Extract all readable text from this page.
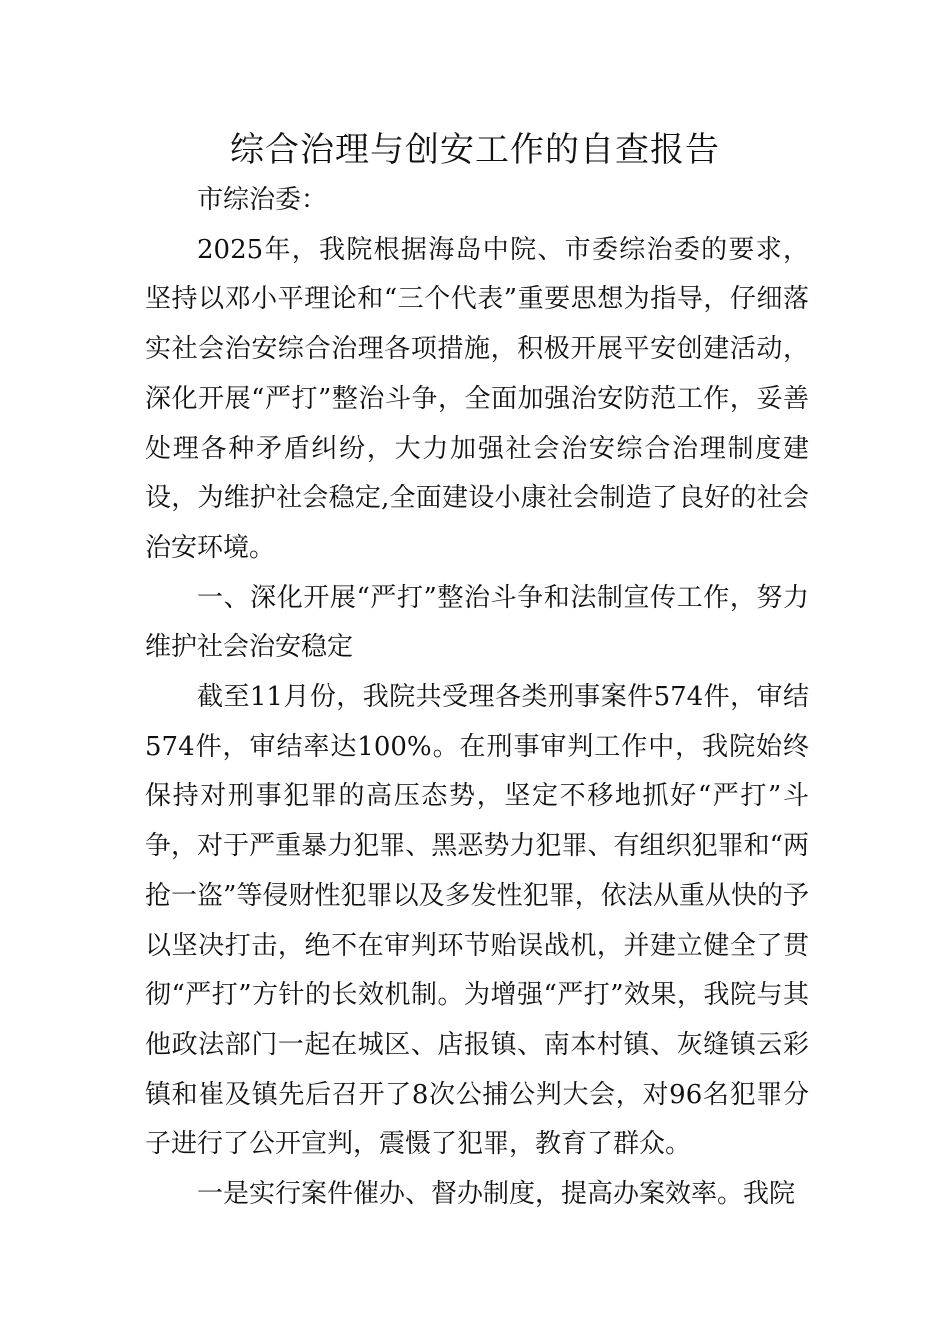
综合治理与创安工作的自查报告

市综治委：

2025年，我院根据海岛中院、市委综治委的要求，坚持以邓小平理论和“三个代表”重要思想为指导，仔细落实社会治安综合治理各项措施，积极开展平安创建活动，深化开展“严打”整治斗争，全面加强治安防范工作，妥善处理各种矛盾纠纷，大力加强社会治安综合治理制度建设，为维护社会稳定,全面建设小康社会制造了良好的社会治安环境。

一、深化开展“严打”整治斗争和法制宣传工作，努力维护社会治安稳定

截至11月份，我院共受理各类刑事案件574件，审结574件，审结率达100%。在刑事审判工作中，我院始终保持对刑事犯罪的高压态势，坚定不移地抓好“严打”斗争，对于严重暴力犯罪、黑恶势力犯罪、有组织犯罪和“两抢一盗”等侵财性犯罪以及多发性犯罪，依法从重从快的予以坚决打击，绝不在审判环节贻误战机，并建立健全了贯彻“严打”方针的长效机制。为增强“严打”效果，我院与其他政法部门一起在城区、店报镇、南本村镇、灰缝镇云彩镇和崔及镇先后召开了8次公捕公判大会，对96名犯罪分子进行了公开宣判，震慑了犯罪，教育了群众。

一是实行案件催办、督办制度，提高办案效率。我院
